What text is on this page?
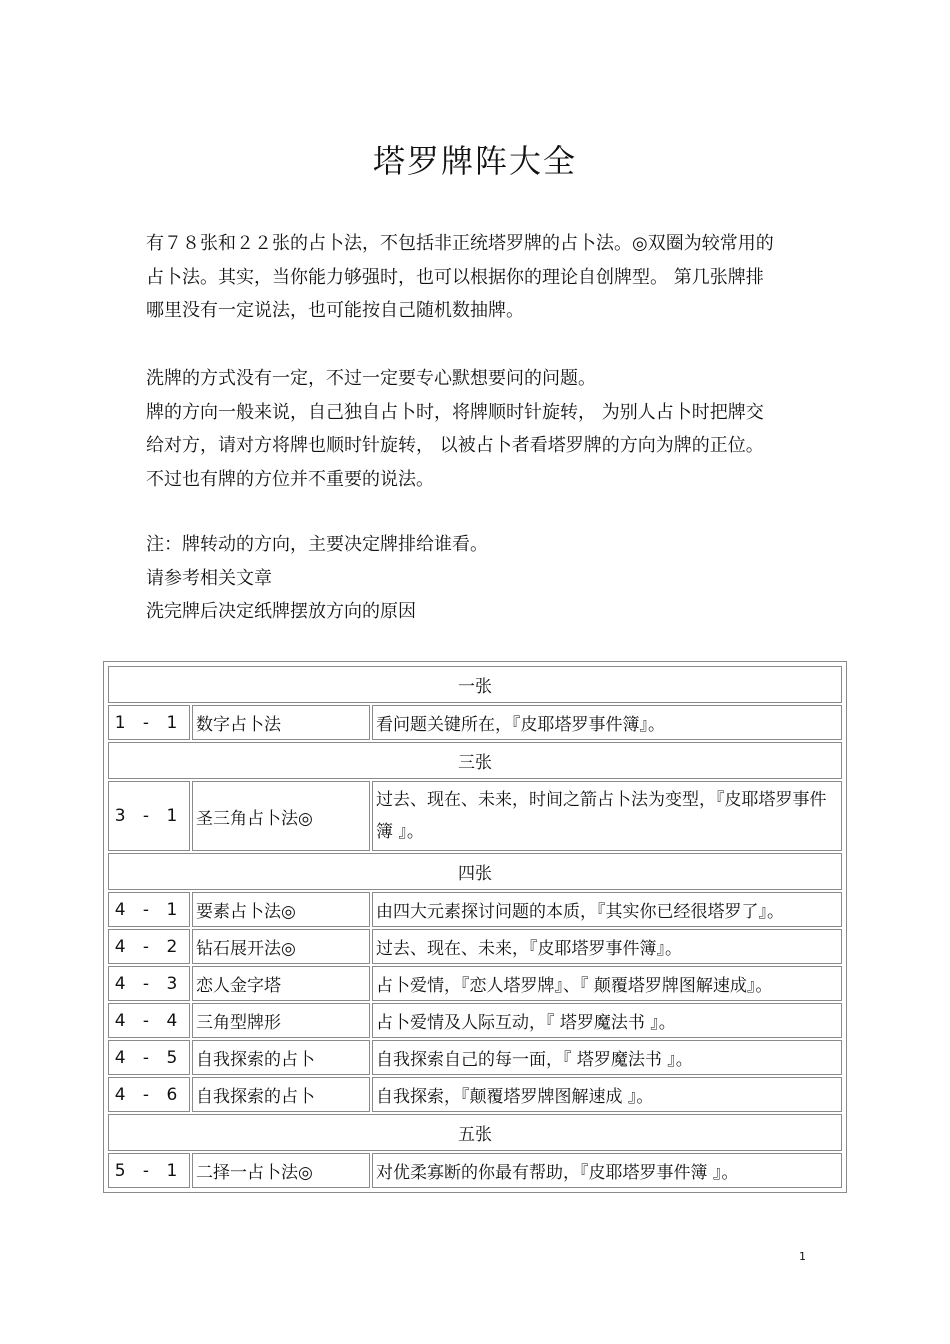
塔罗牌阵大全
有７８张和２２张的占卜法，不包括非正统塔罗牌的占卜法。◎双圈为较常用的
占卜法。其实，当你能力够强时，也可以根据你的理论自创牌型。 第几张牌排
哪里没有一定说法，也可能按自己随机数抽牌。
洗牌的方式没有一定，不过一定要专心默想要问的问题。
牌的方向一般来说，自己独自占卜时，将牌顺时针旋转， 为别人占卜时把牌交
给对方，请对方将牌也顺时针旋转， 以被占卜者看塔罗牌的方向为牌的正位。
不过也有牌的方位并不重要的说法。
注：牌转动的方向，主要决定牌排给谁看。
请参考相关文章
洗完牌后决定纸牌摆放方向的原因
一张		
1 - 1	数字占卜法	看问题关键所在，『皮耶塔罗事件簿』。
三张		
3 - 1	圣三角占卜法◎	过去、现在、未来，时间之箭占卜法为变型，『皮耶塔罗事件簿 』。
四张		
4 - 1	要素占卜法◎	由四大元素探讨问题的本质，『其实你已经很塔罗了』。
4 - 2	钻石展开法◎	过去、现在、未来，『皮耶塔罗事件簿』。
4 - 3	恋人金字塔	占卜爱情，『恋人塔罗牌』、『 颠覆塔罗牌图解速成』。
4 - 4	三角型牌形	占卜爱情及人际互动，『 塔罗魔法书 』。
4 - 5	自我探索的占卜	自我探索自己的每一面，『 塔罗魔法书 』。
4 - 6	自我探索的占卜	自我探索，『颠覆塔罗牌图解速成 』。
五张		
5 - 1	二择一占卜法◎	对优柔寡断的你最有帮助，『皮耶塔罗事件簿 』。
1
